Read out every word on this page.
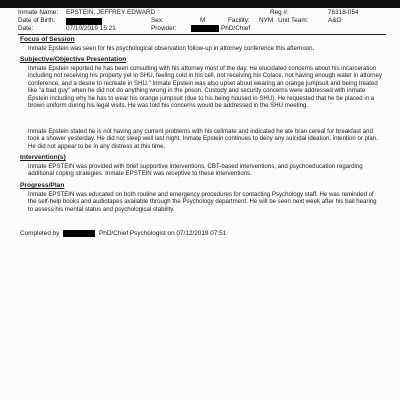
Inmate Name: EPSTEIN, JEFFREY EDWARD	Reg #:	76318-054
Date of Birth:	Sex:	M	Facility: NYM Unit Team:	A&O
Date:	07/10/2019 15:21	Provider:	PhD/Chief
Focus of Session

Inmate Epstein was seen for his psychological observation follow-up in attorney conference this afternoon.

Subjective/Objective Presentation

Inmate Epstein reported he has been consulting with his attorney most of the day. He elucidated concerns about his incarceration including not receiving his property yet in SHU, feeling cold in his cell, not receiving his Colace, not having enough water in attorney conference, and a desire to recreate in SHU." Inmate Epstein was also upset about wearing an orange jumpsuit and being treated like "a bad guy" when he did not do anything wrong in the prison. Custody and security concerns were addressed with inmate Epstein including why he has to wear his orange jumpsuit (due to his being housed in SHU). He requested that he be placed in a brown uniform during his legal visits. He was told his concerns would be addressed in the SHU meeting.

Inmate Epstein stated he is not having any current problems with his cellmate and indicated he ate bran cereal for breakfast and took a shower yesterday. He did not sleep well last night. Inmate Epstein continues to deny any suicidal ideation, intention or plan. He did not appear to be in any distress at this time.

Intervention(s)

Inmate EPSTEIN was provided with brief supportive interventions, CBT-based interventions, and psychoeducation regarding additional coping strategies. Inmate EPSTEIN was receptive to these interventions.

Progress/Plan

Inmate EPSTEIN was educated on both routine and emergency procedures for contacting Psychology staff. He was reminded of the self-help books and audiotapes available through the Psychology department. He will be seen next week after his bail hearing to assess his mental status and psychological stability.

Completed by	PhD/Chief Psychologist on 07/12/2019 07:51
